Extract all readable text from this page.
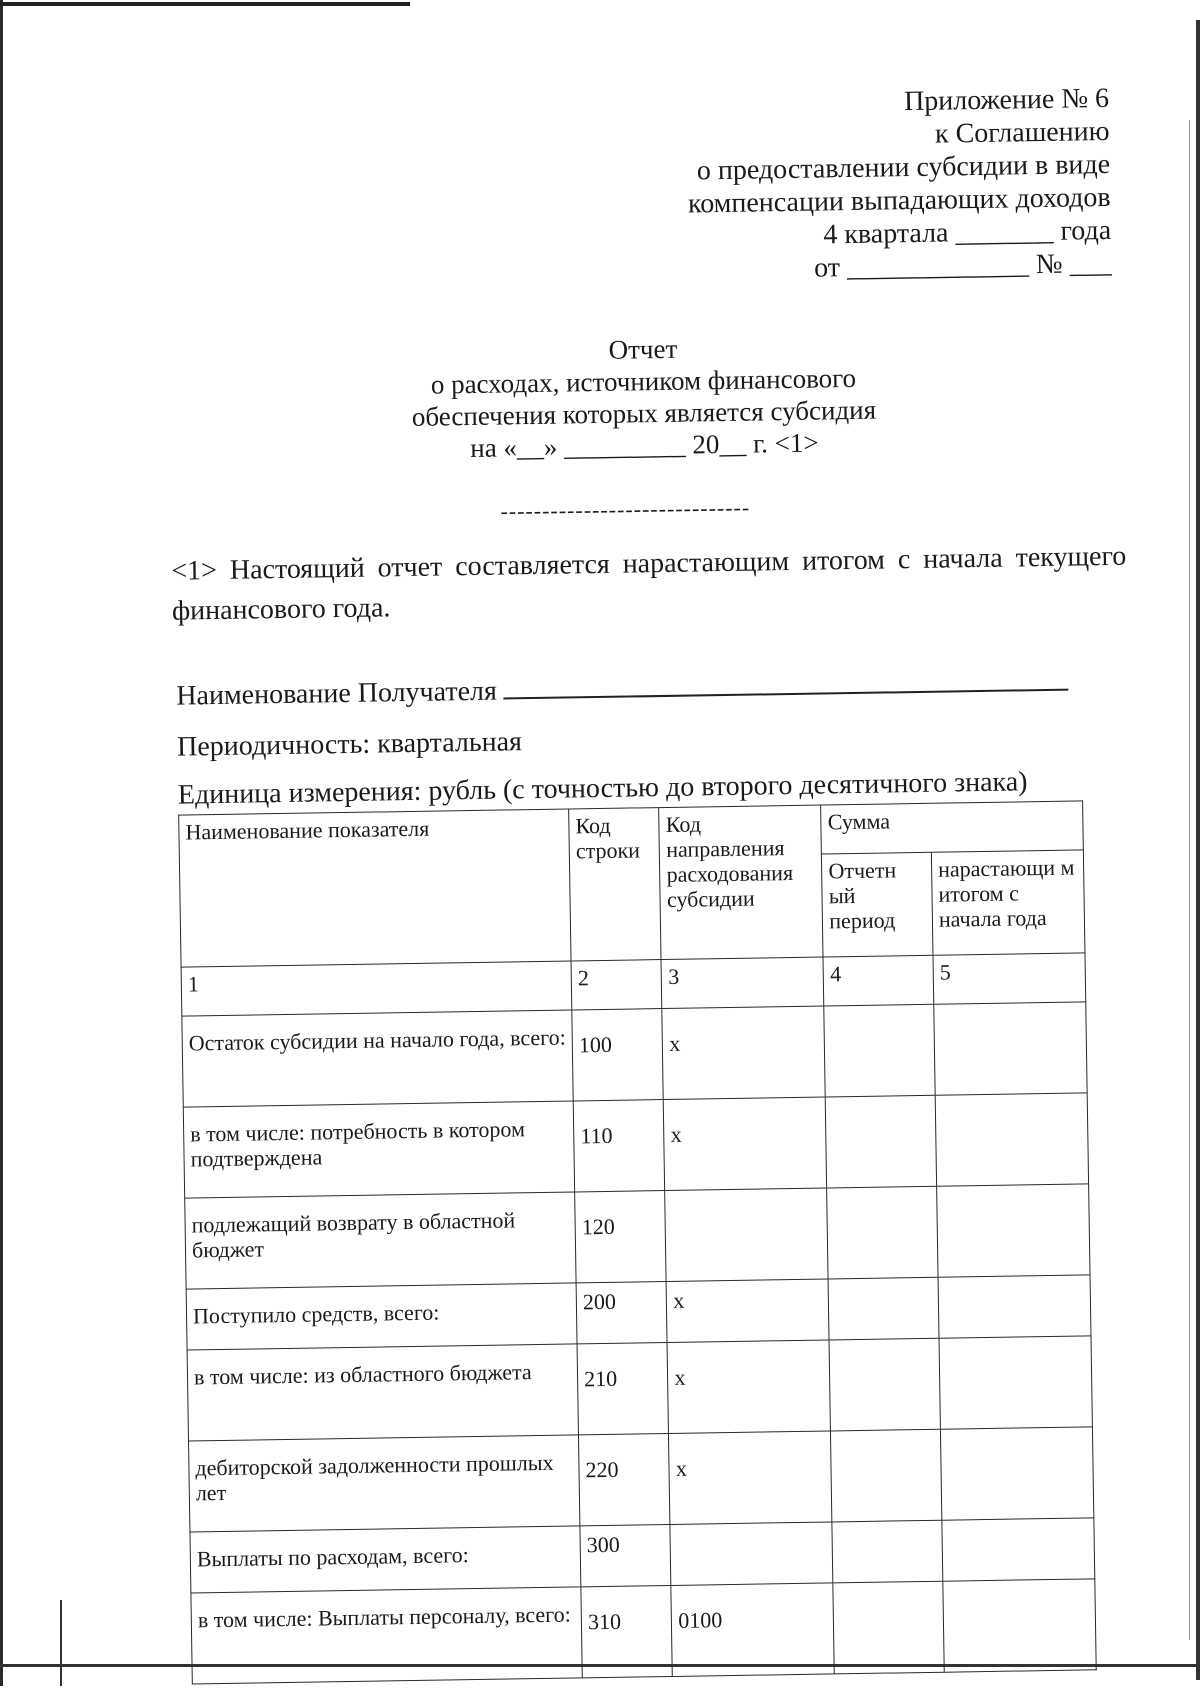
Приложение № 6
к Соглашению
о предоставлении субсидии в виде
компенсации выпадающих доходов
4 квартала _______ года
от _____________ № ___
Отчет
о расходах, источником финансового
обеспечения которых является субсидия
на «__» _________ 20__ г. <1>
------------------------------
<1> Настоящий отчет составляется нарастающим итогом с начала текущего финансового года.
Наименование Получателя
Периодичность: квартальная
Единица измерения: рубль (с точностью до второго десятичного знака)
Наименование показателя	Код строки	Код направления расходования субсидии	Сумма	
			Отчетн ый период	нарастающи м итогом с начала года
1	2	3	4	5
Остаток субсидии на начало года, всего:	100	x		
в том числе: потребность в котором подтверждена	110	x		
подлежащий возврату в областной бюджет	120			
Поступило средств, всего:	200	x		
в том числе: из областного бюджета	210	x		
дебиторской задолженности прошлых лет	220	x		
Выплаты по расходам, всего:	300			
в том числе: Выплаты персоналу, всего:	310	0100		
